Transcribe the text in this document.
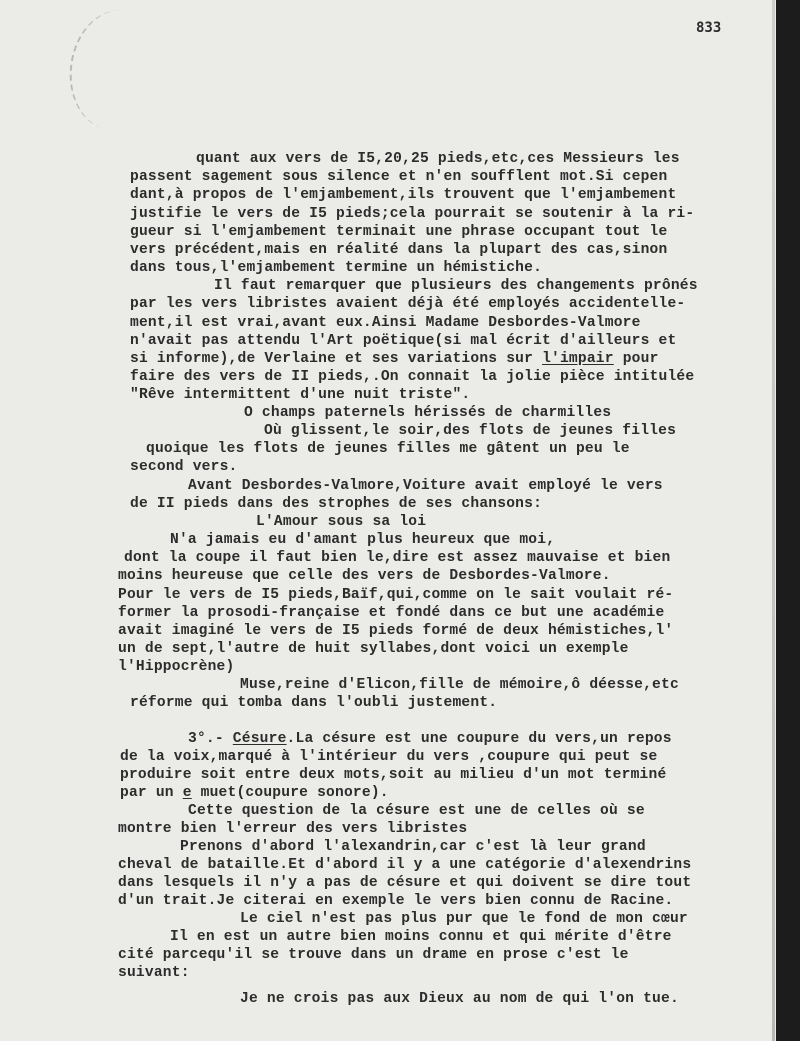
833
quant aux vers de I5,20,25 pieds,etc,ces Messieurs les
passent sagement sous silence et n'en soufflent mot.Si cepen
dant,à propos de l'emjambement,ils trouvent que l'emjambement
justifie le vers de I5 pieds;cela pourrait se soutenir à la ri-
gueur si l'emjambement terminait une phrase occupant tout le
vers précédent,mais en réalité dans la plupart des cas,sinon
dans tous,l'emjambement termine un hémistiche.
Il faut remarquer que plusieurs des changements prônés
par les vers libristes avaient déjà été employés accidentelle-
ment,il est vrai,avant eux.Ainsi Madame Desbordes-Valmore
n'avait pas attendu l'Art poëtique(si mal écrit d'ailleurs et
si informe),de Verlaine et ses variations sur l'impair pour
faire des vers de II pieds,.On connait la jolie pièce intitulée
"Rêve intermittent d'une nuit triste".
O champs paternels hérissés de charmilles
Où glissent,le soir,des flots de jeunes filles
quoique les flots de jeunes filles me gâtent un peu le
second vers.
Avant Desbordes-Valmore,Voiture avait employé le vers
de II pieds dans des strophes de ses chansons:
L'Amour sous sa loi
N'a jamais eu d'amant plus heureux que moi,
dont la coupe il faut bien le,dire est assez mauvaise et bien
moins heureuse que celle des vers de Desbordes-Valmore.
Pour le vers de I5 pieds,Baïf,qui,comme on le sait voulait ré-
former la prosodi-française et fondé dans ce but une académie
avait imaginé le vers de I5 pieds formé de deux hémistiches,l'
un de sept,l'autre de huit syllabes,dont voici un exemple
l'Hippocrène)
Muse,reine d'Elicon,fille de mémoire,ô déesse,etc
réforme qui tomba dans l'oubli justement.
3°.- Césure.La césure est une coupure du vers,un repos
de la voix,marqué à l'intérieur du vers ,coupure qui peut se
produire soit entre deux mots,soit au milieu d'un mot terminé
par un e muet(coupure sonore).
Cette question de la césure est une de celles où se
montre bien l'erreur des vers libristes
Prenons d'abord l'alexandrin,car c'est là leur grand
cheval de bataille.Et d'abord il y a une catégorie d'alexendrins
dans lesquels il n'y a pas de césure et qui doivent se dire tout
d'un trait.Je citerai en exemple le vers bien connu de Racine.
Le ciel n'est pas plus pur que le fond de mon cœur
Il en est un autre bien moins connu et qui mérite d'être
cité parcequ'il se trouve dans un drame en prose c'est le
suivant:
Je ne crois pas aux Dieux au nom de qui l'on tue.
